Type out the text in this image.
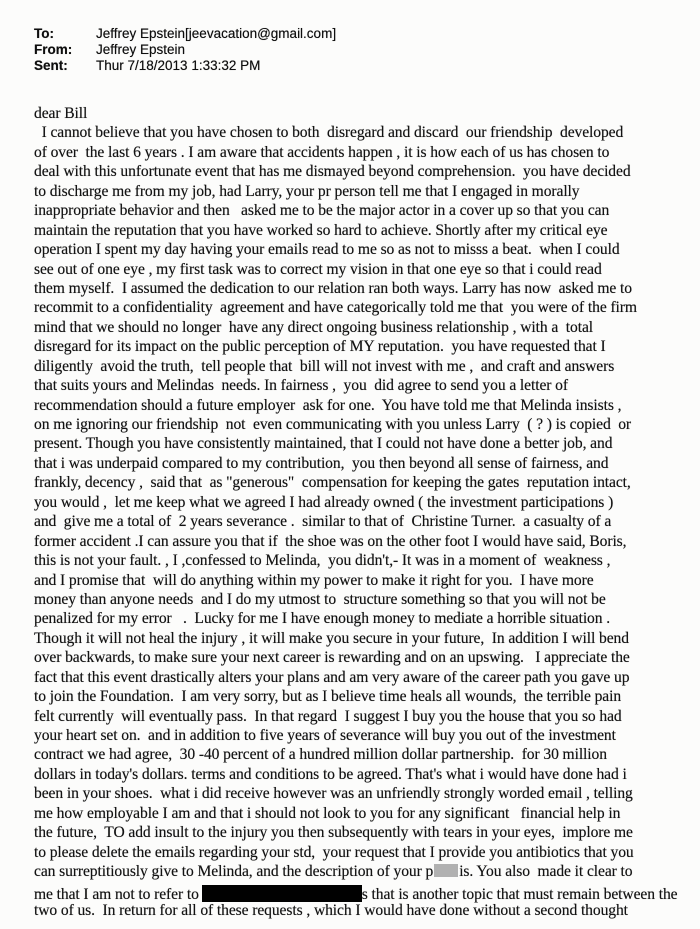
To:	Jeffrey Epstein[jeevacation@gmail.com]
From:	Jeffrey Epstein
Sent:	Thur 7/18/2013 1:33:32 PM
dear Bill
I cannot believe that you have chosen to both  disregard and discard  our friendship  developed
of over  the last 6 years . I am aware that accidents happen , it is how each of us has chosen to
deal with this unfortunate event that has me dismayed beyond comprehension.  you have decided
to discharge me from my job, had Larry, your pr person tell me that I engaged in morally
inappropriate behavior and then   asked me to be the major actor in a cover up so that you can
maintain the reputation that you have worked so hard to achieve. Shortly after my critical eye
operation I spent my day having your emails read to me so as not to misss a beat.  when I could
see out of one eye , my first task was to correct my vision in that one eye so that i could read
them myself.  I assumed the dedication to our relation ran both ways. Larry has now  asked me to
recommit to a confidentiality  agreement and have categorically told me that  you were of the firm
mind that we should no longer  have any direct ongoing business relationship , with a  total
disregard for its impact on the public perception of MY reputation.  you have requested that I
diligently  avoid the truth,  tell people that  bill will not invest with me ,  and craft and answers
that suits yours and Melindas  needs. In fairness ,  you  did agree to send you a letter of
recommendation should a future employer  ask for one.  You have told me that Melinda insists ,
on me ignoring our friendship  not  even communicating with you unless Larry  ( ? ) is copied  or
present. Though you have consistently maintained, that I could not have done a better job, and
that i was underpaid compared to my contribution,  you then beyond all sense of fairness, and
frankly, decency ,  said that  as "generous"  compensation for keeping the gates  reputation intact,
you would ,  let me keep what we agreed I had already owned ( the investment participations )
and  give me a total of  2 years severance .  similar to that of  Christine Turner.  a casualty of a
former accident .I can assure you that if  the shoe was on the other foot I would have said, Boris,
this is not your fault. , I ,confessed to Melinda,  you didn't,- It was in a moment of  weakness ,
and I promise that  will do anything within my power to make it right for you.  I have more
money than anyone needs  and I do my utmost to  structure something so that you will not be
penalized for my error   .  Lucky for me I have enough money to mediate a horrible situation .
Though it will not heal the injury , it will make you secure in your future,  In addition I will bend
over backwards, to make sure your next career is rewarding and on an upswing.   I appreciate the
fact that this event drastically alters your plans and am very aware of the career path you gave up
to join the Foundation.  I am very sorry, but as I believe time heals all wounds,  the terrible pain
felt currently  will eventually pass.  In that regard  I suggest I buy you the house that you so had
your heart set on.  and in addition to five years of severance will buy you out of the investment
contract we had agree,  30 -40 percent of a hundred million dollar partnership.  for 30 million
dollars in today's dollars. terms and conditions to be agreed. That's what i would have done had i
been in your shoes.  what i did receive however was an unfriendly strongly worded email , telling
me how employable I am and that i should not look to you for any significant   financial help in
the future,  TO add insult to the injury you then subsequently with tears in your eyes,  implore me
to please delete the emails regarding your std,  your request that I provide you antibiotics that you
can surreptitiously give to Melinda, and the description of your p is. You also  made it clear to
me that I am not to refer to	s that is another topic that must remain between the
two of us.  In return for all of these requests , which I would have done without a second thought
